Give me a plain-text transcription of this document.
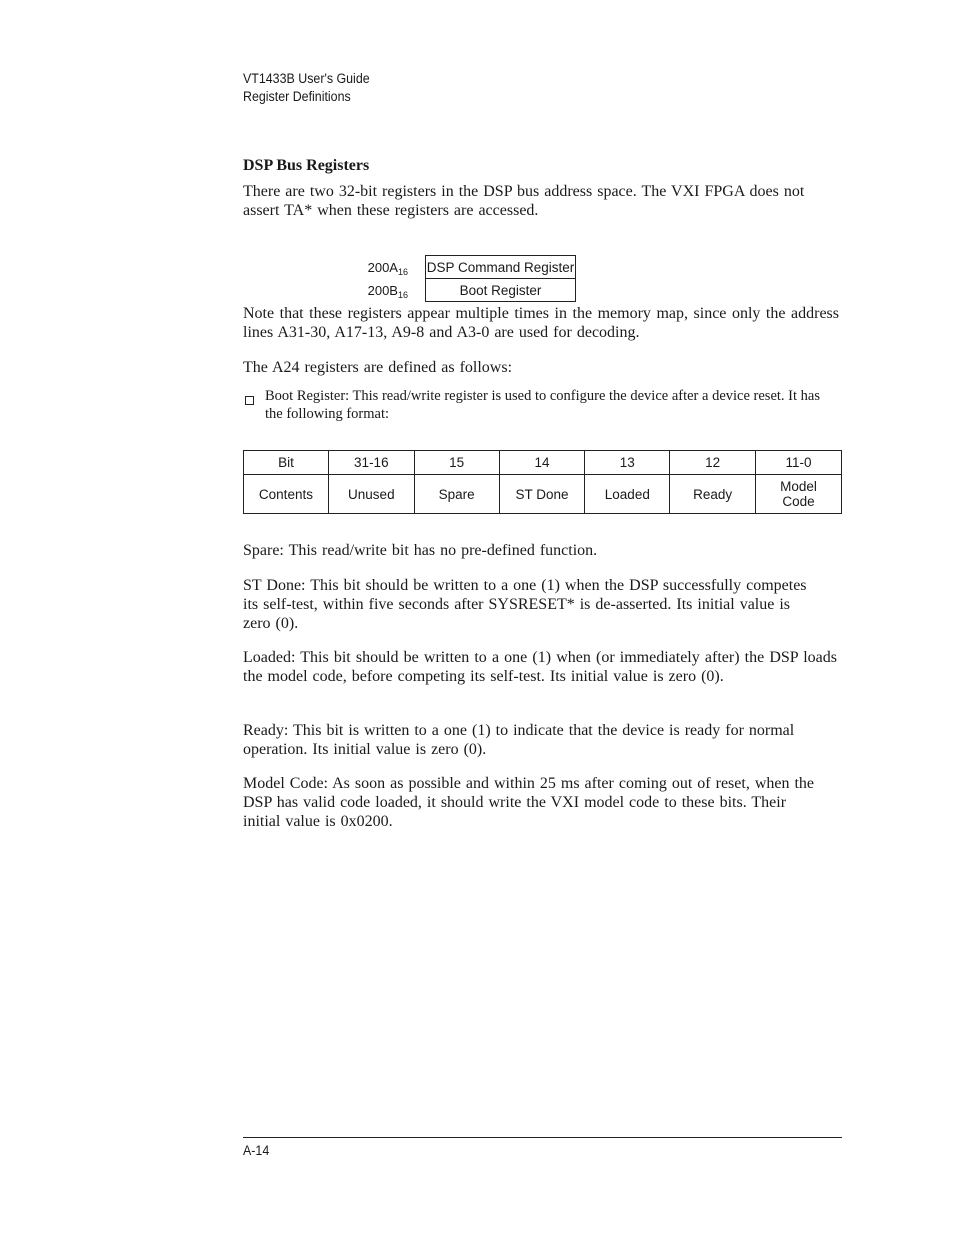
VT1433B User's Guide
Register Definitions
DSP Bus Registers
There are two 32-bit registers in the DSP bus address space. The VXI FPGA does not assert TA* when these registers are accessed.
$200A_{16}$ DSP Command Register
$200B_{16}$	Boot Register
Note that these registers appear multiple times in the memory map, since only the address lines A31-30, A17-13, A9-8 and A3-0 are used for decoding.
The A24 registers are defined as follows:
Boot Register: This read/write register is used to configure the device after a device reset. It has the following format:
Bit	31-16	15	14	13	12	11-0
Contents	Unused	Spare	ST Done	Loaded	Ready	Model
Code
Spare: This read/write bit has no pre-defined function.
ST Done: This bit should be written to a one (1) when the DSP successfully competes its self-test, within five seconds after SYSRESET* is de-asserted. Its initial value is zero (0).
Loaded: This bit should be written to a one (1) when (or immediately after) the DSP loads the model code, before competing its self-test. Its initial value is zero (0).
Ready: This bit is written to a one (1) to indicate that the device is ready for normal operation. Its initial value is zero (0).
Model Code: As soon as possible and within 25 ms after coming out of reset, when the DSP has valid code loaded, it should write the VXI model code to these bits. Their initial value is 0x0200.
A-14
